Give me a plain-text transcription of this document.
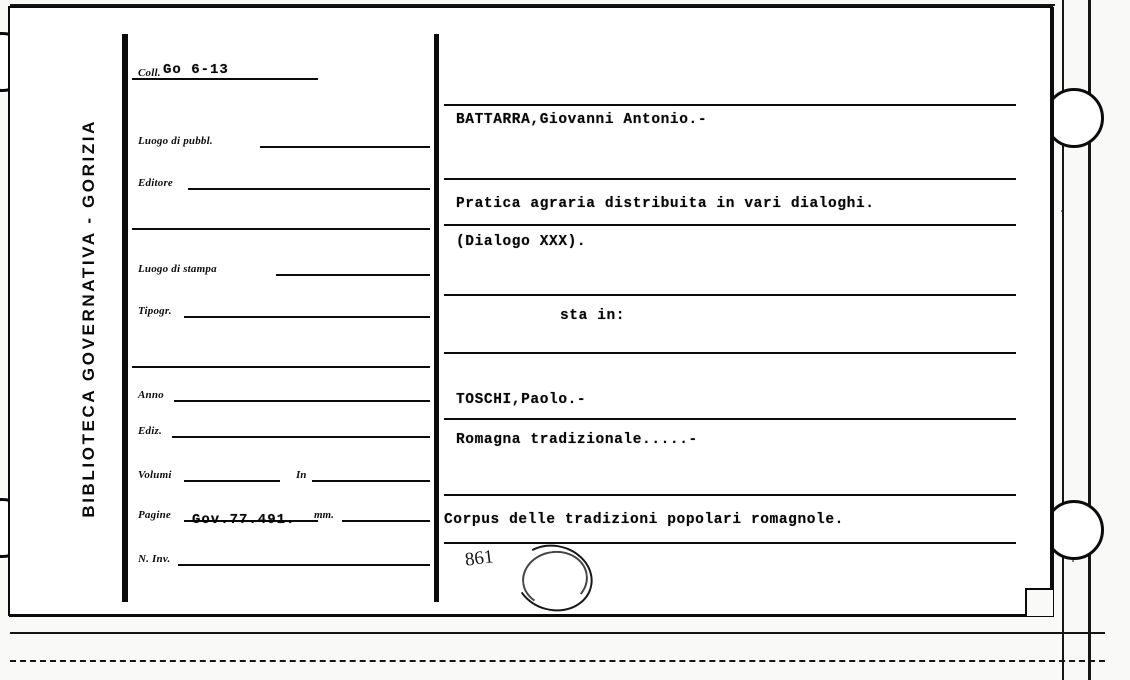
BIBLIOTECA GOVERNATIVA - GORIZIA
Coll. Go 6-13
Luogo di pubbl.
Editore
Luogo di stampa
Tipogr.
Anno
Ediz.
Volumi	In
Pagine	mm.
N. Inv.
Gov.77.491.
BATTARRA,Giovanni Antonio.-
Pratica agraria distribuita in vari dialoghi.
(Dialogo XXX).
sta in:
TOSCHI,Paolo.-
Romagna tradizionale.....-
Corpus delle tradizioni popolari romagnole.
861
